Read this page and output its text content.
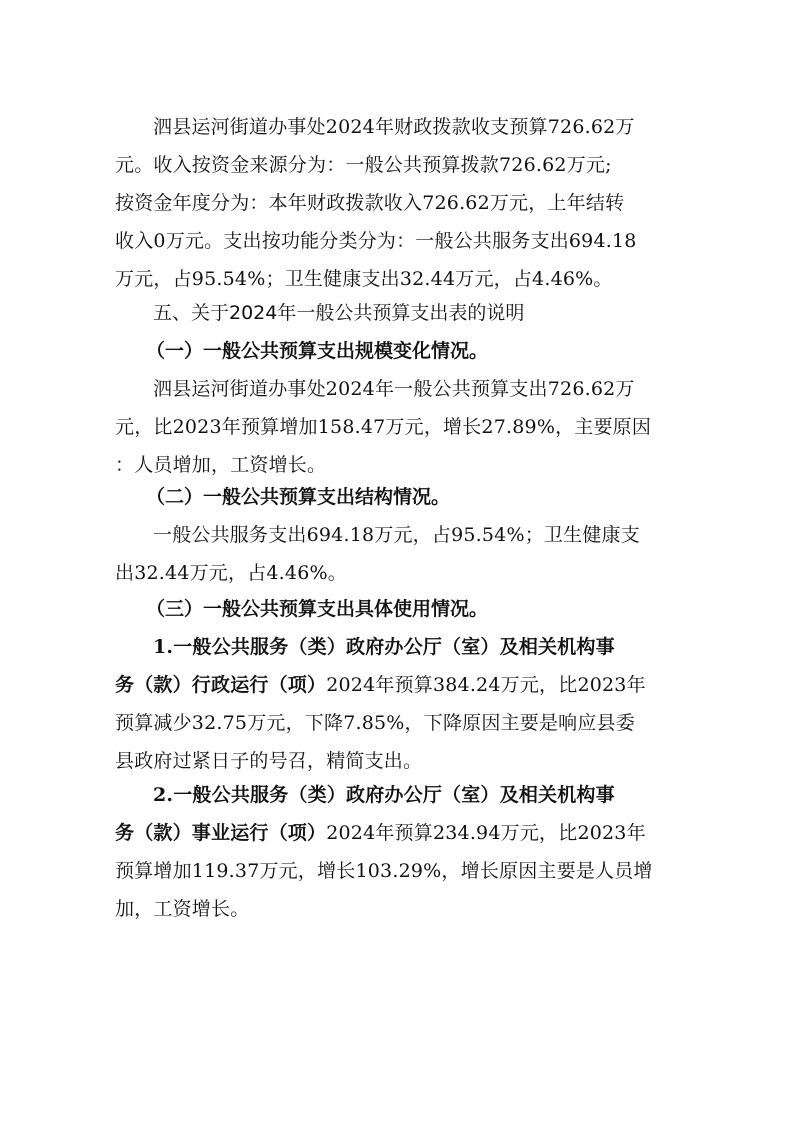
泗县运河街道办事处2024年财政拨款收支预算726.62万
元。收入按资金来源分为：一般公共预算拨款726.62万元;
按资金年度分为：本年财政拨款收入726.62万元，上年结转
收入0万元。支出按功能分类分为：一般公共服务支出694.18
万元，占95.54%；卫生健康支出32.44万元，占4.46%。
五、关于2024年一般公共预算支出表的说明
（一）一般公共预算支出规模变化情况。
泗县运河街道办事处2024年一般公共预算支出726.62万
元，比2023年预算增加158.47万元，增长27.89%，主要原因
：人员增加，工资增长。
（二）一般公共预算支出结构情况。
一般公共服务支出694.18万元，占95.54%；卫生健康支
出32.44万元，占4.46%。
（三）一般公共预算支出具体使用情况。
1.一般公共服务（类）政府办公厅（室）及相关机构事
务（款）行政运行（项）2024年预算384.24万元，比2023年
预算减少32.75万元，下降7.85%，下降原因主要是响应县委
县政府过紧日子的号召，精简支出。
2.一般公共服务（类）政府办公厅（室）及相关机构事
务（款）事业运行（项）2024年预算234.94万元，比2023年
预算增加119.37万元，增长103.29%，增长原因主要是人员增
加，工资增长。
